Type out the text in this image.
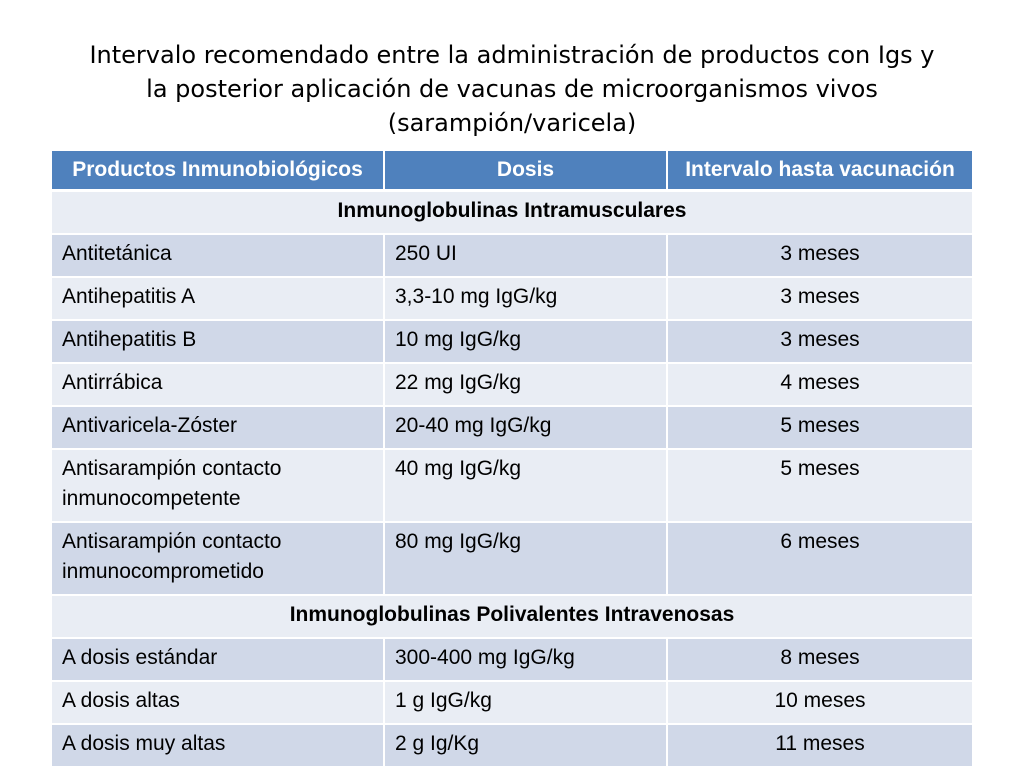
Intervalo recomendado entre la administración de productos con Igs y
la posterior aplicación de vacunas de microorganismos vivos
(sarampión/varicela)
Productos Inmunobiológicos	Dosis	Intervalo hasta vacunación
Inmunoglobulinas Intramusculares		
Antitetánica	250 UI	3 meses
Antihepatitis A	3,3-10 mg IgG/kg	3 meses
Antihepatitis B	10 mg IgG/kg	3 meses
Antirrábica	22 mg IgG/kg	4 meses
Antivaricela-Zóster	20-40 mg IgG/kg	5 meses
Antisarampión contacto inmunocompetente	40 mg IgG/kg	5 meses
Antisarampión contacto inmunocomprometido	80 mg IgG/kg	6 meses
Inmunoglobulinas Polivalentes Intravenosas		
A dosis estándar	300-400 mg IgG/kg	8 meses
A dosis altas	1 g IgG/kg	10 meses
A dosis muy altas	2 g Ig/Kg	11 meses
